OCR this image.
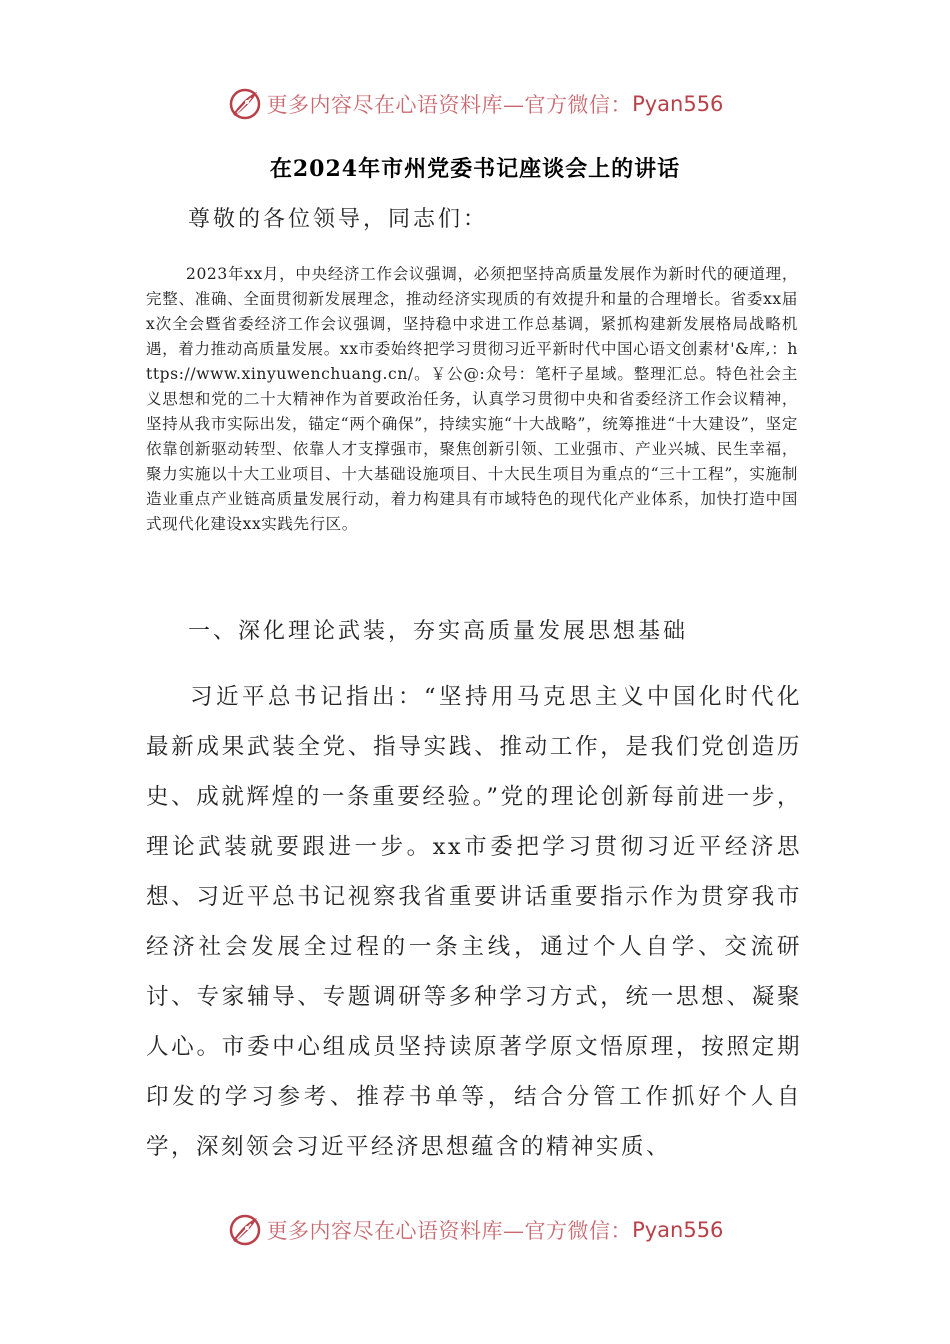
更多内容尽在心语资料库—官方微信： Pyan556
在2024年市州党委书记座谈会上的讲话
尊敬的各位领导，同志们：
2023年xx月，中央经济工作会议强调，必须把坚持高质量发展作为新时代的硬道理，完整、准确、全面贯彻新发展理念，推动经济实现质的有效提升和量的合理增长。省委xx届x次全会暨省委经济工作会议强调，坚持稳中求进工作总基调，紧抓构建新发展格局战略机遇，着力推动高质量发展。xx市委始终把学习贯彻习近平新时代中国心语文创素材'&库,：https://www.xinyuwenchuang.cn/。￥公@:众号：笔杆子星域。整理汇总。特色社会主义思想和党的二十大精神作为首要政治任务，认真学习贯彻中央和省委经济工作会议精神，坚持从我市实际出发，锚定“两个确保”，持续实施“十大战略”，统筹推进“十大建设”，坚定依靠创新驱动转型、依靠人才支撑强市，聚焦创新引领、工业强市、产业兴城、民生幸福，聚力实施以十大工业项目、十大基础设施项目、十大民生项目为重点的“三十工程”，实施制造业重点产业链高质量发展行动，着力构建具有市域特色的现代化产业体系，加快打造中国式现代化建设xx实践先行区。
一、深化理论武装，夯实高质量发展思想基础
习近平总书记指出：“坚持用马克思主义中国化时代化最新成果武装全党、指导实践、推动工作，是我们党创造历史、成就辉煌的一条重要经验。”党的理论创新每前进一步，理论武装就要跟进一步。xx市委把学习贯彻习近平经济思想、习近平总书记视察我省重要讲话重要指示作为贯穿我市经济社会发展全过程的一条主线，通过个人自学、交流研讨、专家辅导、专题调研等多种学习方式，统一思想、凝聚人心。市委中心组成员坚持读原著学原文悟原理，按照定期印发的学习参考、推荐书单等，结合分管工作抓好个人自学，深刻领会习近平经济思想蕴含的精神实质、
更多内容尽在心语资料库—官方微信： Pyan556
